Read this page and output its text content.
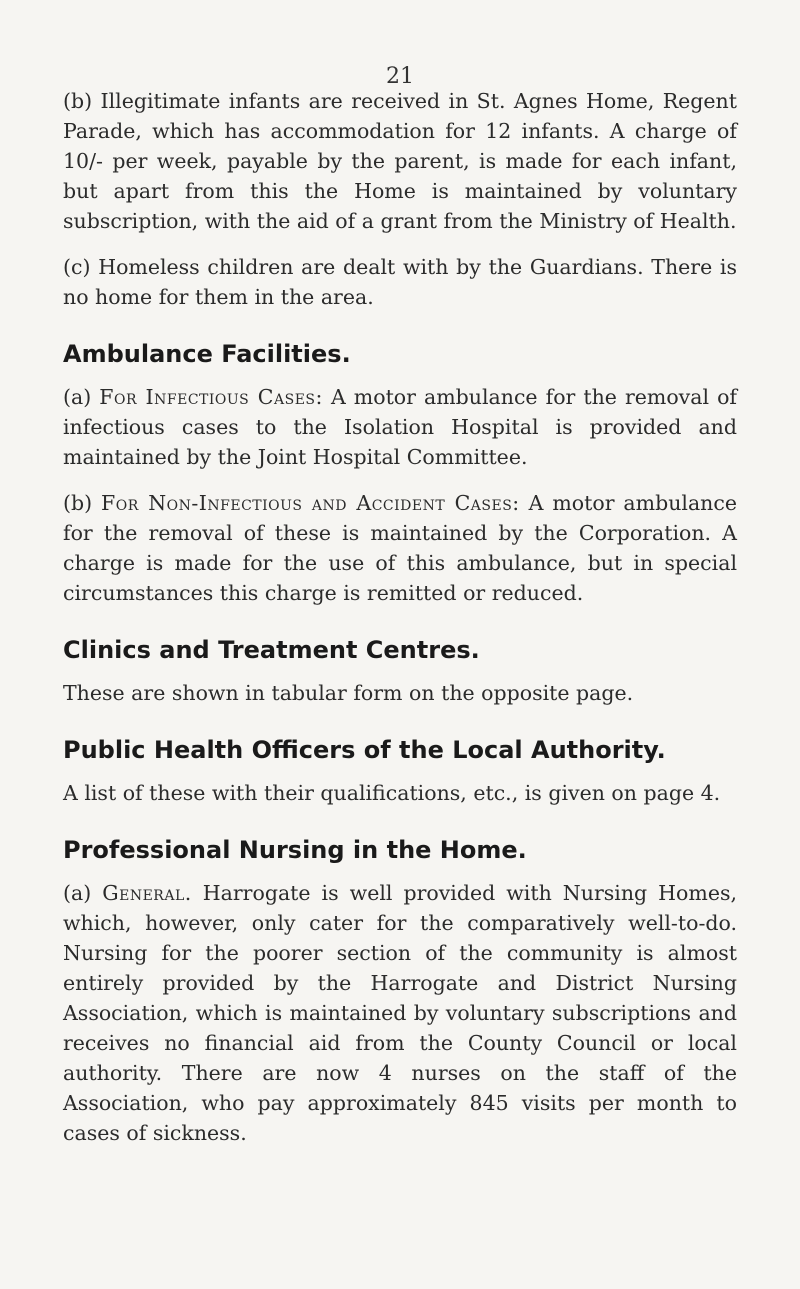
21

(b) Illegitimate infants are received in St. Agnes Home, Regent Parade, which has accommodation for 12 infants. A charge of 10/- per week, payable by the parent, is made for each infant, but apart from this the Home is maintained by voluntary subscription, with the aid of a grant from the Ministry of Health.

(c) Homeless children are dealt with by the Guardians. There is no home for them in the area.

Ambulance Facilities.

(a) For Infectious Cases: A motor ambulance for the removal of infectious cases to the Isolation Hospital is provided and maintained by the Joint Hospital Committee.

(b) For Non-Infectious and Accident Cases: A motor ambulance for the removal of these is maintained by the Corporation. A charge is made for the use of this ambulance, but in special circumstances this charge is remitted or reduced.

Clinics and Treatment Centres.

These are shown in tabular form on the opposite page.

Public Health Officers of the Local Authority.

A list of these with their qualifications, etc., is given on page 4.

Professional Nursing in the Home.

(a) General. Harrogate is well provided with Nursing Homes, which, however, only cater for the comparatively well-to-do. Nursing for the poorer section of the community is almost entirely provided by the Harrogate and District Nursing Association, which is maintained by voluntary subscriptions and receives no financial aid from the County Council or local authority. There are now 4 nurses on the staff of the Association, who pay approximately 845 visits per month to cases of sickness.
